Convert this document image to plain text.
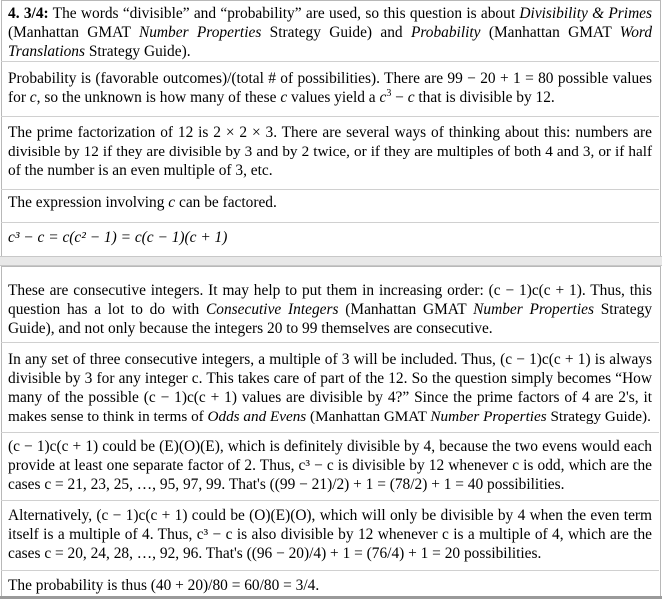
4. 3/4: The words “divisible” and “probability” are used, so this question is about Divisibility & Primes
(Manhattan GMAT Number Properties Strategy Guide) and Probability (Manhattan GMAT Word
Translations Strategy Guide).
Probability is (favorable outcomes)/(total # of possibilities). There are 99 − 20 + 1 = 80 possible values
for c, so the unknown is how many of these c values yield a $c^3 - c$ that is divisible by 12.
The prime factorization of 12 is 2 × 2 × 3. There are several ways of thinking about this: numbers are
divisible by 12 if they are divisible by 3 and by 2 twice, or if they are multiples of both 4 and 3, or if half
of the number is an even multiple of 3, etc.
The expression involving c can be factored.
c³ − c = c(c² − 1) = c(c − 1)(c + 1)
These are consecutive integers. It may help to put them in increasing order: (c − 1)c(c + 1). Thus, this
question has a lot to do with Consecutive Integers (Manhattan GMAT Number Properties Strategy
Guide), and not only because the integers 20 to 99 themselves are consecutive.
In any set of three consecutive integers, a multiple of 3 will be included. Thus, (c − 1)c(c + 1) is always
divisible by 3 for any integer c. This takes care of part of the 12. So the question simply becomes “How
many of the possible (c − 1)c(c + 1) values are divisible by 4?” Since the prime factors of 4 are 2's, it
makes sense to think in terms of Odds and Evens (Manhattan GMAT Number Properties Strategy Guide).
(c − 1)c(c + 1) could be (E)(O)(E), which is definitely divisible by 4, because the two evens would each
provide at least one separate factor of 2. Thus, c³ − c is divisible by 12 whenever c is odd, which are the
cases c = 21, 23, 25, …, 95, 97, 99. That's ((99 − 21)/2) + 1 = (78/2) + 1 = 40 possibilities.
Alternatively, (c − 1)c(c + 1) could be (O)(E)(O), which will only be divisible by 4 when the even term
itself is a multiple of 4. Thus, c³ − c is also divisible by 12 whenever c is a multiple of 4, which are the
cases c = 20, 24, 28, …, 92, 96. That's ((96 − 20)/4) + 1 = (76/4) + 1 = 20 possibilities.
The probability is thus (40 + 20)/80 = 60/80 = 3/4.
